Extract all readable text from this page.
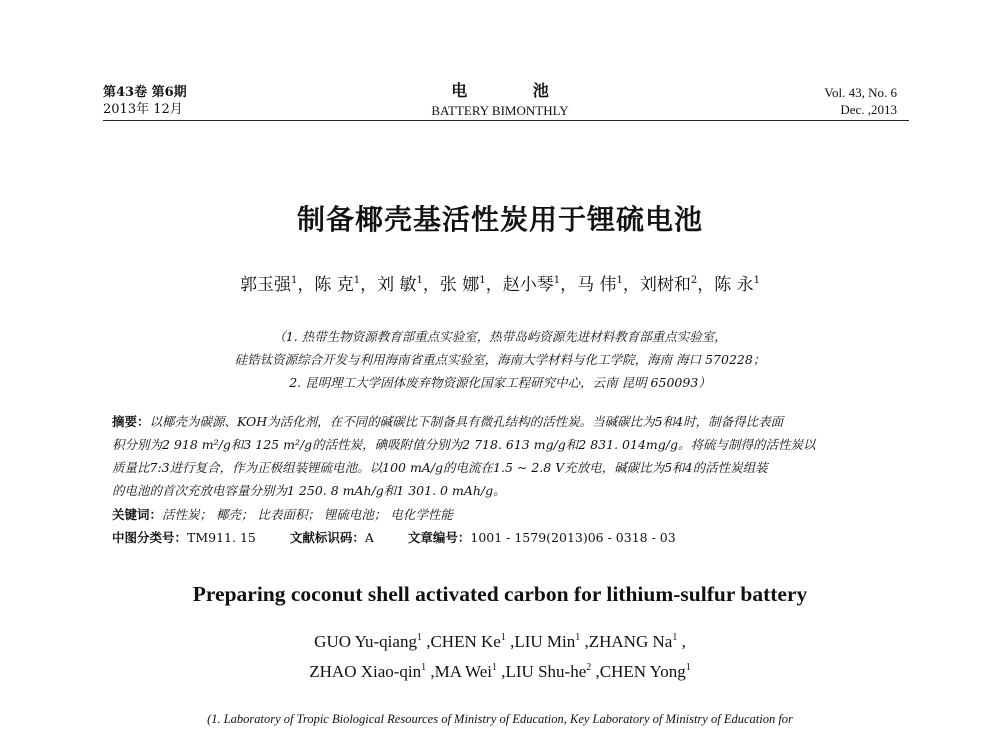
第43卷 第6期
2013年 12月
电 池
BATTERY BIMONTHLY
Vol. 43, No. 6
Dec. ,2013
制备椰壳基活性炭用于锂硫电池
郭玉强$^1$，陈 克$^1$，刘 敏$^1$，张 娜$^1$，赵小琴$^1$，马 伟$^1$，刘树和$^2$，陈 永$^1$
（1. 热带生物资源教育部重点实验室，热带岛屿资源先进材料教育部重点实验室，
硅锆钛资源综合开发与利用海南省重点实验室，海南大学材料与化工学院，海南 海口 570228；
2. 昆明理工大学固体废弃物资源化国家工程研究中心，云南 昆明 650093）
摘要：以椰壳为碳源、KOH为活化剂，在不同的碱碳比下制备具有微孔结构的活性炭。当碱碳比为5和4时，制备得比表面
积分别为2 918 m²/g和3 125 m²/g的活性炭，碘吸附值分别为2 718. 613 mg/g和2 831. 014mg/g。将硫与制得的活性炭以
质量比7:3进行复合，作为正极组装锂硫电池。以100 mA/g的电流在1.5 ~ 2.8 V充放电，碱碳比为5和4的活性炭组装
的电池的首次充放电容量分别为1 250. 8 mAh/g和1 301. 0 mAh/g。
关键词：活性炭； 椰壳； 比表面积； 锂硫电池； 电化学性能
中图分类号：TM911. 15	文献标识码：A	文章编号：1001 - 1579(2013)06 - 0318 - 03
Preparing coconut shell activated carbon for lithium-sulfur battery
GUO Yu-qiang$^1$ ,CHEN Ke$^1$ ,LIU Min$^1$ ,ZHANG Na$^1$ ,
ZHAO Xiao-qin$^1$ ,MA Wei$^1$ ,LIU Shu-$he^2$ ,CHEN Yong$^1$
(1. Laboratory of Tropic Biological Resources of Ministry of Education, Key Laboratory of Ministry of Education for
